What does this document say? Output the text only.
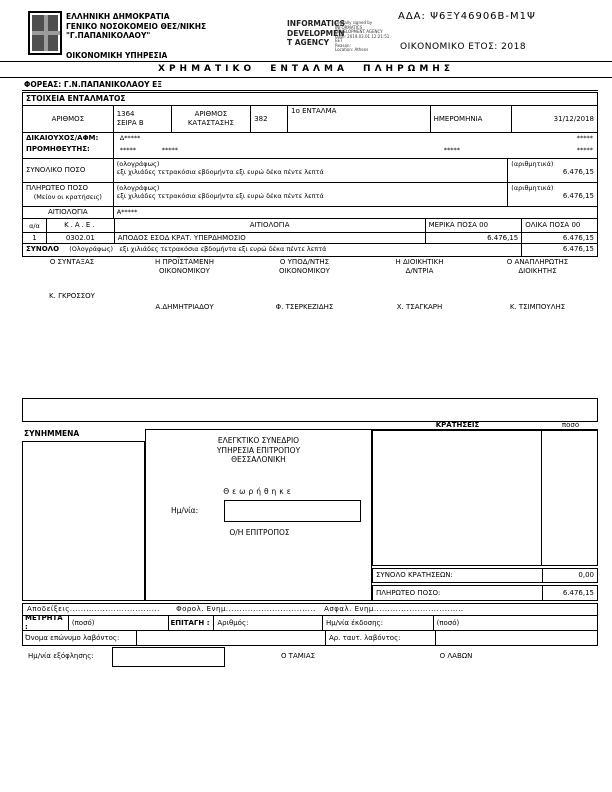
ΕΛΛΗΝΙΚΗ ΔΗΜΟΚΡΑΤΙΑ
ΓΕΝΙΚΟ ΝΟΣΟΚΟΜΕΙΟ ΘΕΣ/ΝΙΚΗΣ
"Γ.ΠΑΠΑΝΙΚΟΛΑΟΥ"
ΟΙΚΟΝΟΜΙΚΗ ΥΠΗΡΕΣΙΑ
INFORMATICS
DEVELOPMEN
T AGENCY
Digitally signed by
INFORMATICS
DEVELOPMENT AGENCY
Date: 2019.03.01 12:21:51
EET
Reason:
Location: Athens
ΑΔΑ: Ψ6ΞΥ46906Β-Μ1Ψ
ΟΙΚΟΝΟΜΙΚΟ ΕΤΟΣ: 2018
ΧΡΗΜΑΤΙΚΟ ΕΝΤΑΛΜΑ ΠΛΗΡΩΜΗΣ
ΦΟΡΕΑΣ: Γ.Ν.ΠΑΠΑΝΙΚΟΛΑΟΥ ΕΞ
ΣΤΟΙΧΕΙΑ ΕΝΤΑΛΜΑΤΟΣ
ΑΡΙΘΜΟΣ
1364
ΣΕΙΡΑ Β
ΑΡΙΘΜΟΣ ΚΑΤΑΣΤΑΣΗΣ
382
1ο ΕΝΤΑΛΜΑ
ΗΜΕΡΟΜΗΝΙΑ	31/12/2018
ΔΙΚΑΙΟΥΧΟΣ/ΑΦΜ:
ΠΡΟΜΗΘΕΥΤΗΣ:
Δ*****	*****
*****	*****	*****	*****
ΣΥΝΟΛΙΚΟ ΠΟΣΟ
(ολογράφως)
εξι χιλιάδες τετρακόσια εβδομήντα εξι ευρώ δέκα πέντε λεπτά
(αριθμητικά)
6.476,15
ΠΛΗΡΩΤΕΟ ΠΟΣΟ
(Μείον οι κρατήσεις)
(ολογράφως)
εξι χιλιάδες τετρακόσια εβδομήντα εξι ευρώ δέκα πέντε λεπτά
(αριθμητικά)
6.476,15
ΑΙΤΙΟΛΟΓΙΑ	Α*****
α/α	Κ.Α.Ε.	ΑΙΤΙΟΛΟΓΙΑ	ΜΕΡΙΚΑ ΠΟΣΑ 00	ΟΛΙΚΑ ΠΟΣΑ 00
1	0302.01	ΑΠΟΔΟΣ ΕΣΟΔ ΚΡΑΤ. ΥΠΕΡΔΗΜΟΣΙΟ	6.476,15	6.476,15
ΣΥΝΟΛΟ (Ολογράφως) εξι χιλιάδες τετρακόσια εβδομήντα εξι ευρώ δέκα πέντε λεπτά	6.476,15
Ο ΣΥΝΤΑΞΑΣ
Κ. ΓΚΡΟΣΣΟΥ
Η ΠΡΟΪΣΤΑΜΕΝΗ
ΟΙΚΟΝΟΜΙΚΟΥ
Α.ΔΗΜΗΤΡΙΑΔΟΥ
Ο ΥΠΟΔ/ΝΤΗΣ
ΟΙΚΟΝΟΜΙΚΟΥ
Φ. ΤΣΕΡΚΕΖΙΔΗΣ
Η ΔΙΟΙΚΗΤΙΚΗ
Δ/ΝΤΡΙΑ
Χ. ΤΣΑΓΚΑΡΗ
Ο ΑΝΑΠΛΗΡΩΤΗΣ
ΔΙΟΙΚΗΤΗΣ
Κ. ΤΣΙΜΠΟΥΛΗΣ
ΚΡΑΤΗΣΕΙΣ	ποσό
ΣΥΝΗΜΜΕΝΑ
ΕΛΕΓΚΤΙΚΟ ΣΥΝΕΔΡΙΟ
ΥΠΗΡΕΣΙΑ ΕΠΙΤΡΟΠΟΥ
ΘΕΣΣΑΛΟΝΙΚΗ
Θεωρήθηκε
Ημ/νία:
Ο/Η ΕΠΙΤΡΟΠΟΣ
ΣΥΝΟΛΟ ΚΡΑΤΗΣΕΩΝ:	0,00
ΠΛΗΡΩΤΕΟ ΠΟΣΟ:	6.476,15
Αποδείξεις................................. Φορολ. Ενημ................................. Ασφαλ. Ενημ.................................
ΜΕΤΡΗΤΑ :
(ποσό)	ΕΠΙΤΑΓΗ :	Αριθμός:	Ημ/νία έκδοσης:	(ποσό)
Όνομα επώνυμο λαβόντος:	Αρ. ταυτ. λαβόντος:
Ημ/νία εξόφλησης:	Ο ΤΑΜΙΑΣ	Ο ΛΑΒΩΝ
